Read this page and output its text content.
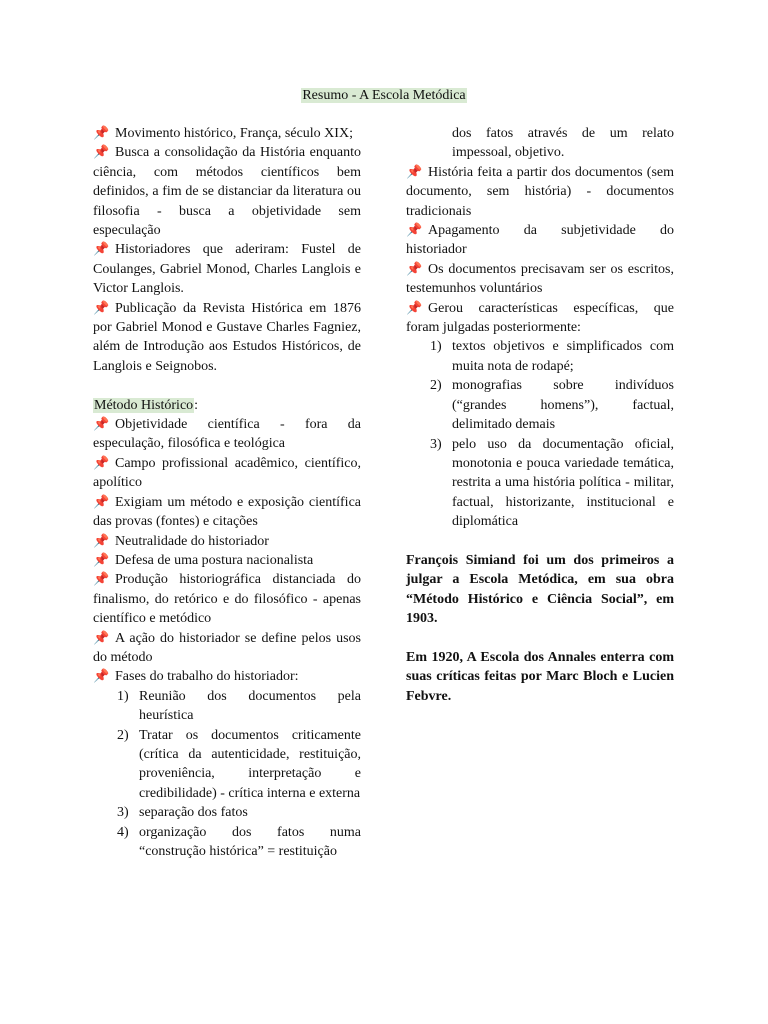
Resumo - A Escola Metódica

📌 Movimento histórico, França, século XIX;

📌 Busca a consolidação da História enquanto ciência, com métodos científicos bem definidos, a fim de se distanciar da literatura ou filosofia - busca a objetividade sem especulação

📌 Historiadores que aderiram: Fustel de Coulanges, Gabriel Monod, Charles Langlois e Victor Langlois.

📌 Publicação da Revista Histórica em 1876 por Gabriel Monod e Gustave Charles Fagniez, além de Introdução aos Estudos Históricos, de Langlois e Seignobos.

Método Histórico:

📌 Objetividade científica - fora da especulação, filosófica e teológica

📌 Campo profissional acadêmico, científico, apolítico

📌 Exigiam um método e exposição científica das provas (fontes) e citações

📌 Neutralidade do historiador

📌 Defesa de uma postura nacionalista

📌 Produção historiográfica distanciada do finalismo, do retórico e do filosófico - apenas científico e metódico

📌 A ação do historiador se define pelos usos do método

📌 Fases do trabalho do historiador:

1) Reunião dos documentos pela heurística
2) Tratar os documentos criticamente (crítica da autenticidade, restituição, proveniência, interpretação e credibilidade) - crítica interna e externa
3) separação dos fatos
4) organização dos fatos numa “construção histórica” = restituição

dos fatos através de um relato impessoal, objetivo.

📌 História feita a partir dos documentos (sem documento, sem história) - documentos tradicionais

📌 Apagamento da subjetividade do historiador

📌 Os documentos precisavam ser os escritos, testemunhos voluntários

📌 Gerou características específicas, que foram julgadas posteriormente:

1) textos objetivos e simplificados com muita nota de rodapé;
2) monografias sobre indivíduos (“grandes homens”), factual, delimitado demais
3) pelo uso da documentação oficial, monotonia e pouca variedade temática, restrita a uma história política - militar, factual, historizante, institucional e diplomática

François Simiand foi um dos primeiros a julgar a Escola Metódica, em sua obra “Método Histórico e Ciência Social”, em 1903.

Em 1920, A Escola dos Annales enterra com suas críticas feitas por Marc Bloch e Lucien Febvre.
